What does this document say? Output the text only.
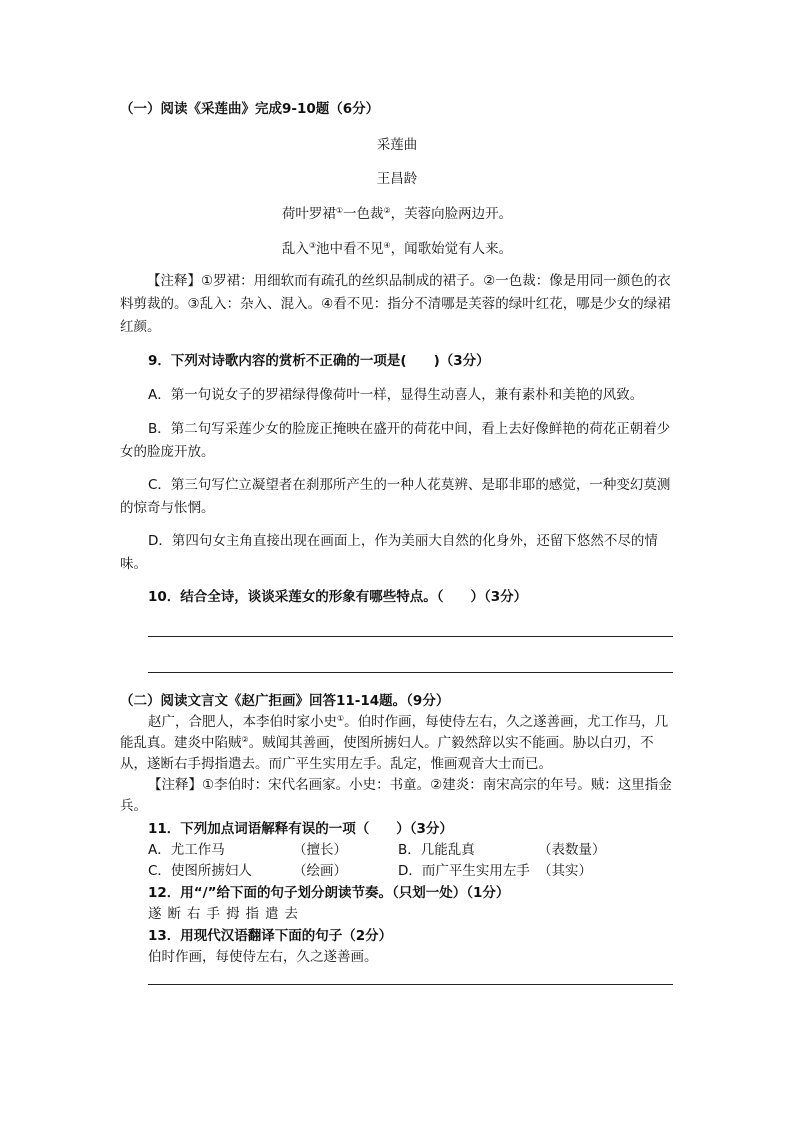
（一）阅读《采莲曲》完成9-10题（6分）
采莲曲
王昌龄
荷叶罗裙①一色裁②，芙蓉向脸两边开。
乱入③池中看不见④，闻歌始觉有人来。
【注释】①罗裙：用细软而有疏孔的丝织品制成的裙子。②一色裁：像是用同一颜色的衣料剪裁的。③乱入：杂入、混入。④看不见：指分不清哪是芙蓉的绿叶红花，哪是少女的绿裙红颜。
9．下列对诗歌内容的赏析不正确的一项是(　　)（3分）
A．第一句说女子的罗裙绿得像荷叶一样，显得生动喜人，兼有素朴和美艳的风致。
B．第二句写采莲少女的脸庞正掩映在盛开的荷花中间，看上去好像鲜艳的荷花正朝着少女的脸庞开放。
C．第三句写伫立凝望者在刹那所产生的一种人花莫辨、是耶非耶的感觉，一种变幻莫测的惊奇与怅惘。
D．第四句女主角直接出现在画面上，作为美丽大自然的化身外，还留下悠然不尽的情味。
10．结合全诗，谈谈采莲女的形象有哪些特点。（　　）（3分）
（二）阅读文言文《赵广拒画》回答11-14题。（9分）
赵广，合肥人，本李伯时家小史①。伯时作画，每使侍左右，久之遂善画，尤工作马，几能乱真。建炎中陷贼②。贼闻其善画，使图所掳妇人。广毅然辞以实不能画。胁以白刃，不从，遂断右手拇指遣去。而广平生实用左手。乱定，惟画观音大士而已。
【注释】①李伯时：宋代名画家。小史：书童。②建炎：南宋高宗的年号。贼：这里指金兵。
11．下列加点词语解释有误的一项（　　）（3分）
A．尤工作马	（擅长）	B．几能乱真	（表数量）
C．使图所掳妇人	（绘画）	D．而广平生实用左手 （其实）
12．用“/”给下面的句子划分朗读节奏。（只划一处）（1分）
遂断右手拇指遣去
13．用现代汉语翻译下面的句子（2分）
伯时作画，每使侍左右，久之遂善画。
